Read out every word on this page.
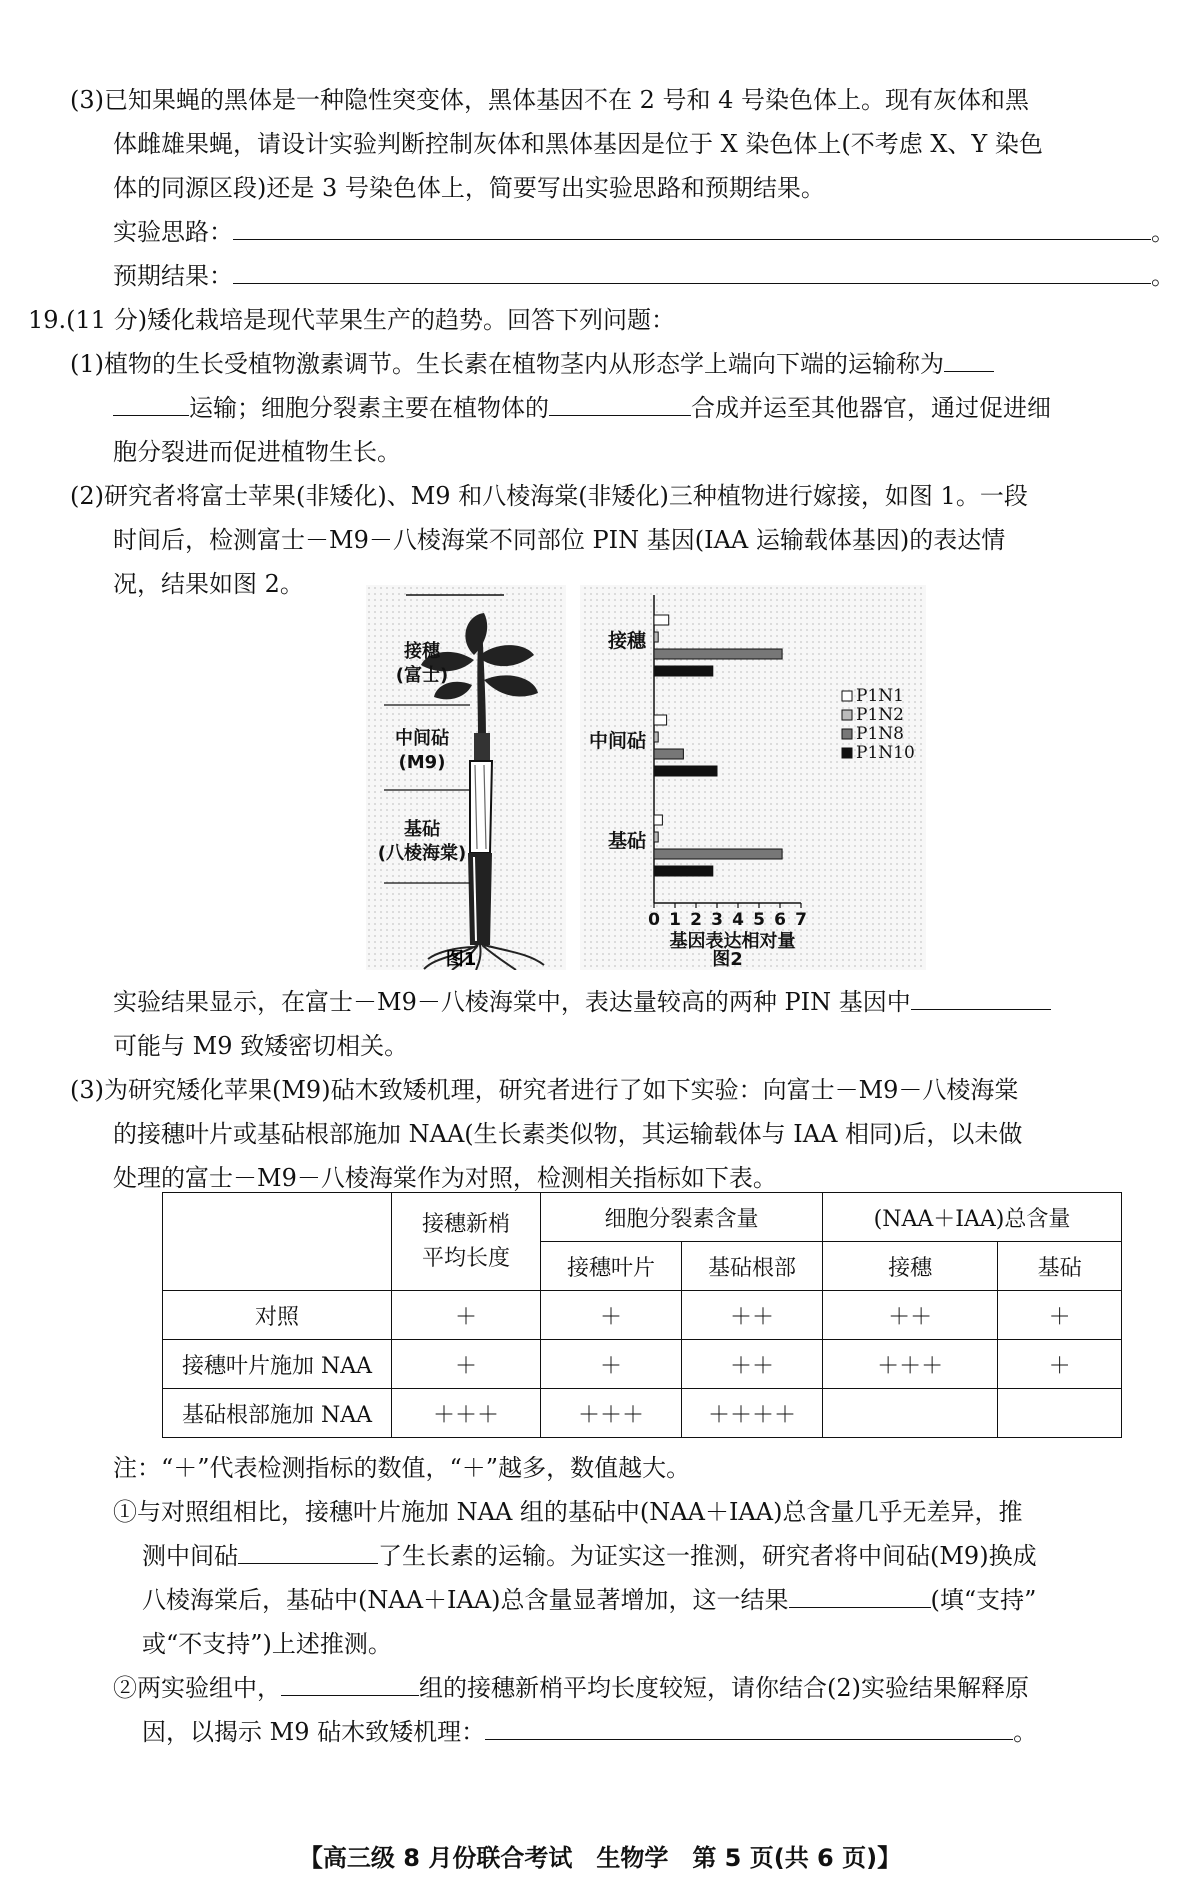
(3)已知果蝇的黑体是一种隐性突变体，黑体基因不在 2 号和 4 号染色体上。现有灰体和黑
体雌雄果蝇，请设计实验判断控制灰体和黑体基因是位于 X 染色体上(不考虑 X、Y 染色
体的同源区段)还是 3 号染色体上，简要写出实验思路和预期结果。
实验思路：	。
预期结果：	。
19.(11 分)矮化栽培是现代苹果生产的趋势。回答下列问题：
(1)植物的生长受植物激素调节。生长素在植物茎内从形态学上端向下端的运输称为
运输；细胞分裂素主要在植物体的	合成并运至其他器官，通过促进细
胞分裂进而促进植物生长。
(2)研究者将富士苹果(非矮化)、M9 和八棱海棠(非矮化)三种植物进行嫁接，如图 1。一段
时间后，检测富士－M9－八棱海棠不同部位 PIN 基因(IAA 运输载体基因)的表达情
况，结果如图 2。
接穗
(富士)
中间砧
(M9)
基砧
(八棱海棠)
0 1 2 3 4 5 6 7
基因表达相对量
图2
接穗
中间砧
基砧
P1N1
P1N2
P1N8
P1N10
图1
实验结果显示，在富士－M9－八棱海棠中，表达量较高的两种 PIN 基因中
可能与 M9 致矮密切相关。
(3)为研究矮化苹果(M9)砧木致矮机理，研究者进行了如下实验：向富士－M9－八棱海棠
的接穗叶片或基砧根部施加 NAA(生长素类似物，其运输载体与 IAA 相同)后，以未做
处理的富士－M9－八棱海棠作为对照，检测相关指标如下表。

	接穗新梢
平均长度	细胞分裂素含量		(NAA＋IAA)总含量	
		接穗叶片	基砧根部	接穗	基砧
对照	＋	＋	＋＋	＋＋	＋
接穗叶片施加 NAA	＋	＋	＋＋	＋＋＋	＋
基砧根部施加 NAA	＋＋＋	＋＋＋	＋＋＋＋		
注：“＋”代表检测指标的数值，“＋”越多，数值越大。
①与对照组相比，接穗叶片施加 NAA 组的基砧中(NAA＋IAA)总含量几乎无差异，推
测中间砧	了生长素的运输。为证实这一推测，研究者将中间砧(M9)换成
八棱海棠后，基砧中(NAA＋IAA)总含量显著增加，这一结果	(填“支持”
或“不支持”)上述推测。
②两实验组中，	组的接穗新梢平均长度较短，请你结合(2)实验结果解释原
因，以揭示 M9 砧木致矮机理：	。
【高三级 8 月份联合考试　生物学　第 5 页(共 6 页)】
